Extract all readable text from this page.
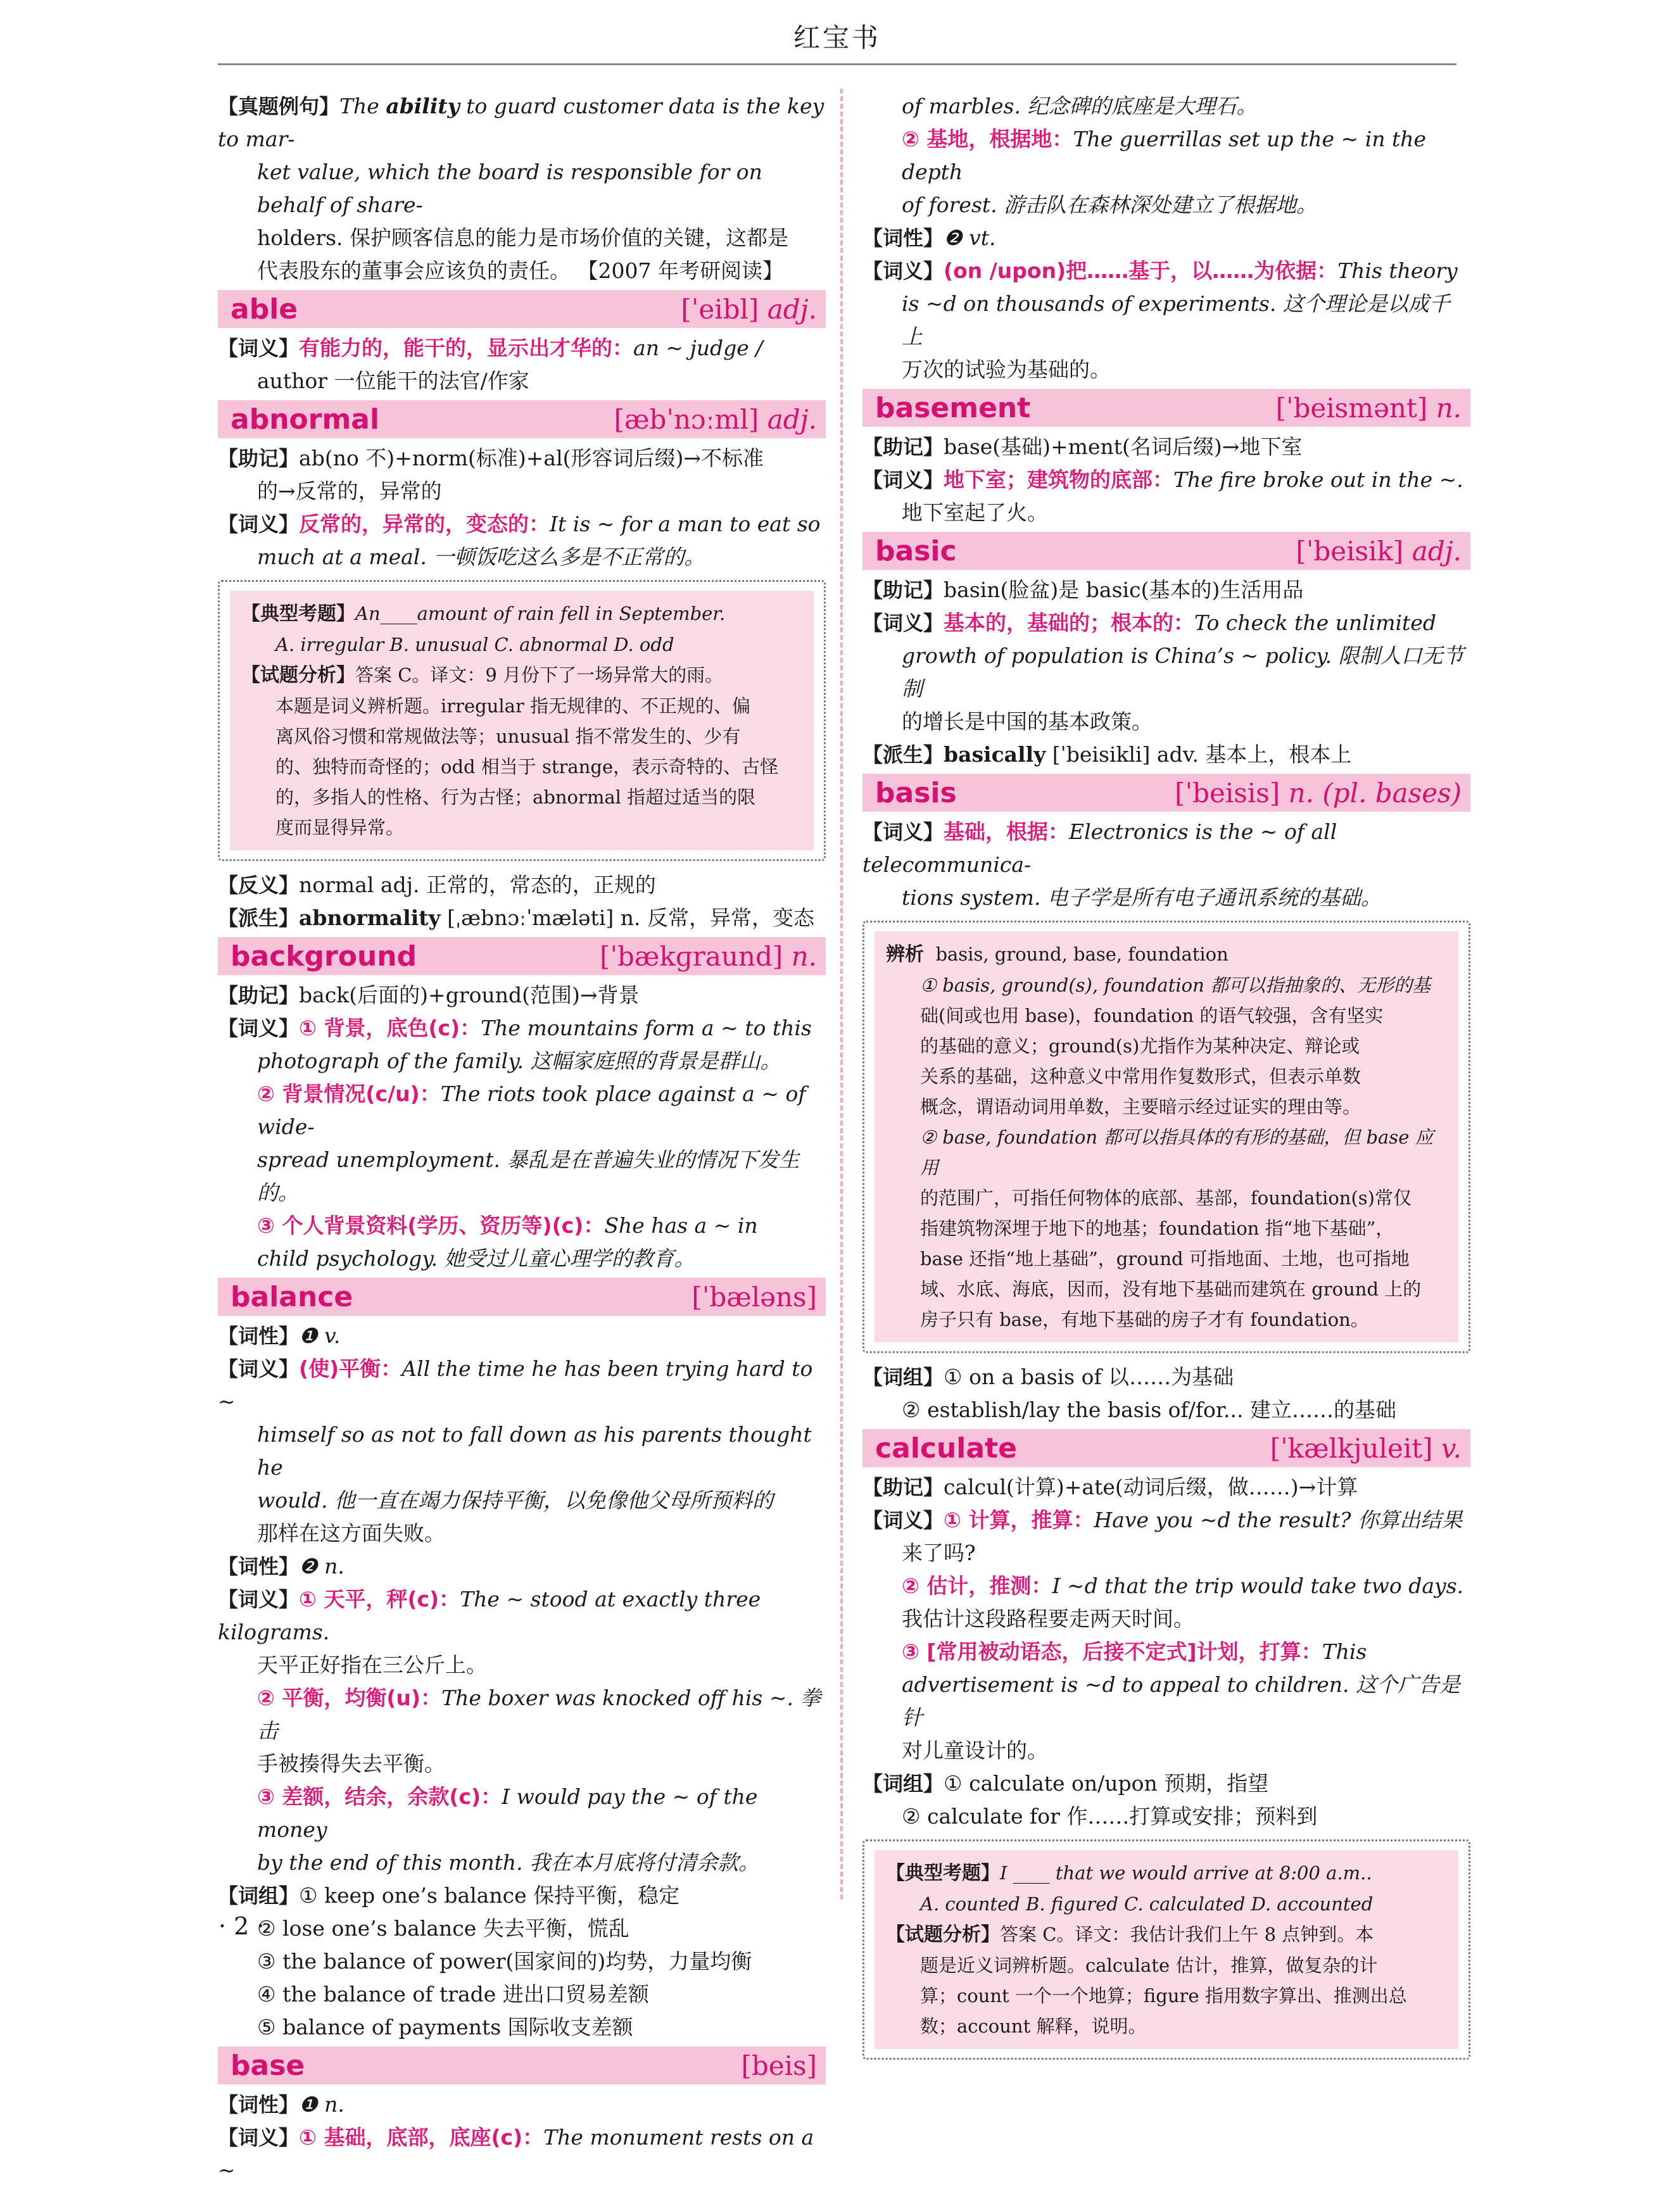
红宝书

【真题例句】The ability to guard customer data is the key to mar-

ket value, which the board is responsible for on behalf of share-

holders. 保护顾客信息的能力是市场价值的关键，这都是

代表股东的董事会应该负的责任。 【2007 年考研阅读】

able	[ˈeibl] adj.

【词义】有能力的，能干的，显示出才华的：an ~ judge /

author 一位能干的法官/作家

abnormal	[æbˈnɔːml] adj.

【助记】ab(no 不)+norm(标准)+al(形容词后缀)→不标准

的→反常的，异常的

【词义】反常的，异常的，变态的：It is ~ for a man to eat so

much at a meal. 一顿饭吃这么多是不正常的。

【典型考题】An____amount of rain fell in September.

A. irregular B. unusual C. abnormal D. odd

【试题分析】答案 C。译文：9 月份下了一场异常大的雨。

本题是词义辨析题。irregular 指无规律的、不正规的、偏

离风俗习惯和常规做法等；unusual 指不常发生的、少有

的、独特而奇怪的；odd 相当于 strange，表示奇特的、古怪

的，多指人的性格、行为古怪；abnormal 指超过适当的限

度而显得异常。

【反义】normal adj. 正常的，常态的，正规的

【派生】abnormality [ˌæbnɔːˈmæləti] n. 反常，异常，变态

background	[ˈbækɡraund] n.

【助记】back(后面的)+ground(范围)→背景

【词义】① 背景，底色(c)：The mountains form a ~ to this

photograph of the family. 这幅家庭照的背景是群山。

② 背景情况(c/u)：The riots took place against a ~ of wide-

spread unemployment. 暴乱是在普遍失业的情况下发生的。

③ 个人背景资料(学历、资历等)(c)：She has a ~ in

child psychology. 她受过儿童心理学的教育。

balance	[ˈbæləns]

【词性】❶ v.

【词义】(使)平衡：All the time he has been trying hard to ~

himself so as not to fall down as his parents thought he

would. 他一直在竭力保持平衡，以免像他父母所预料的

那样在这方面失败。

【词性】❷ n.

【词义】① 天平，秤(c)：The ~ stood at exactly three kilograms.

天平正好指在三公斤上。

② 平衡，均衡(u)：The boxer was knocked off his ~. 拳击

手被揍得失去平衡。

③ 差额，结余，余款(c)：I would pay the ~ of the money

by the end of this month. 我在本月底将付清余款。

【词组】① keep one’s balance 保持平衡，稳定

② lose one’s balance 失去平衡，慌乱

③ the balance of power(国家间的)均势，力量均衡

④ the balance of trade 进出口贸易差额

⑤ balance of payments 国际收支差额

base	[beis]

【词性】❶ n.

【词义】① 基础，底部，底座(c)：The monument rests on a ~

of marbles. 纪念碑的底座是大理石。

② 基地，根据地：The guerrillas set up the ~ in the depth

of forest. 游击队在森林深处建立了根据地。

【词性】❷ vt.

【词义】(on /upon)把……基于，以……为依据：This theory

is ~d on thousands of experiments. 这个理论是以成千上

万次的试验为基础的。

basement	[ˈbeismənt] n.

【助记】base(基础)+ment(名词后缀)→地下室

【词义】地下室；建筑物的底部：The fire broke out in the ~.

地下室起了火。

basic	[ˈbeisik] adj.

【助记】basin(脸盆)是 basic(基本的)生活用品

【词义】基本的，基础的；根本的：To check the unlimited

growth of population is China’s ~ policy. 限制人口无节制

的增长是中国的基本政策。

【派生】basically [ˈbeisikli] adv. 基本上，根本上

basis	[ˈbeisis] n. (pl. bases)

【词义】基础，根据：Electronics is the ~ of all telecommunica-

tions system. 电子学是所有电子通讯系统的基础。

辨析 basis, ground, base, foundation

① basis, ground(s), foundation 都可以指抽象的、无形的基

础(间或也用 base)，foundation 的语气较强，含有坚实

的基础的意义；ground(s)尤指作为某种决定、辩论或

关系的基础，这种意义中常用作复数形式，但表示单数

概念，谓语动词用单数，主要暗示经过证实的理由等。

② base, foundation 都可以指具体的有形的基础，但 base 应用

的范围广，可指任何物体的底部、基部，foundation(s)常仅

指建筑物深埋于地下的地基；foundation 指“地下基础”，

base 还指“地上基础”，ground 可指地面、土地，也可指地

域、水底、海底，因而，没有地下基础而建筑在 ground 上的

房子只有 base，有地下基础的房子才有 foundation。

【词组】① on a basis of 以……为基础

② establish/lay the basis of/for... 建立……的基础

calculate	[ˈkælkjuleit] v.

【助记】calcul(计算)+ate(动词后缀，做……)→计算

【词义】① 计算，推算：Have you ~d the result? 你算出结果

来了吗?

② 估计，推测：I ~d that the trip would take two days.

我估计这段路程要走两天时间。

③ [常用被动语态，后接不定式]计划，打算：This

advertisement is ~d to appeal to children. 这个广告是针

对儿童设计的。

【词组】① calculate on/upon 预期，指望

② calculate for 作……打算或安排；预料到

【典型考题】I ____ that we would arrive at 8:00 a.m..

A. counted B. figured C. calculated D. accounted

【试题分析】答案 C。译文：我估计我们上午 8 点钟到。本

题是近义词辨析题。calculate 估计，推算，做复杂的计

算；count 一个一个地算；figure 指用数字算出、推测出总

数；account 解释，说明。

· 2 ·
